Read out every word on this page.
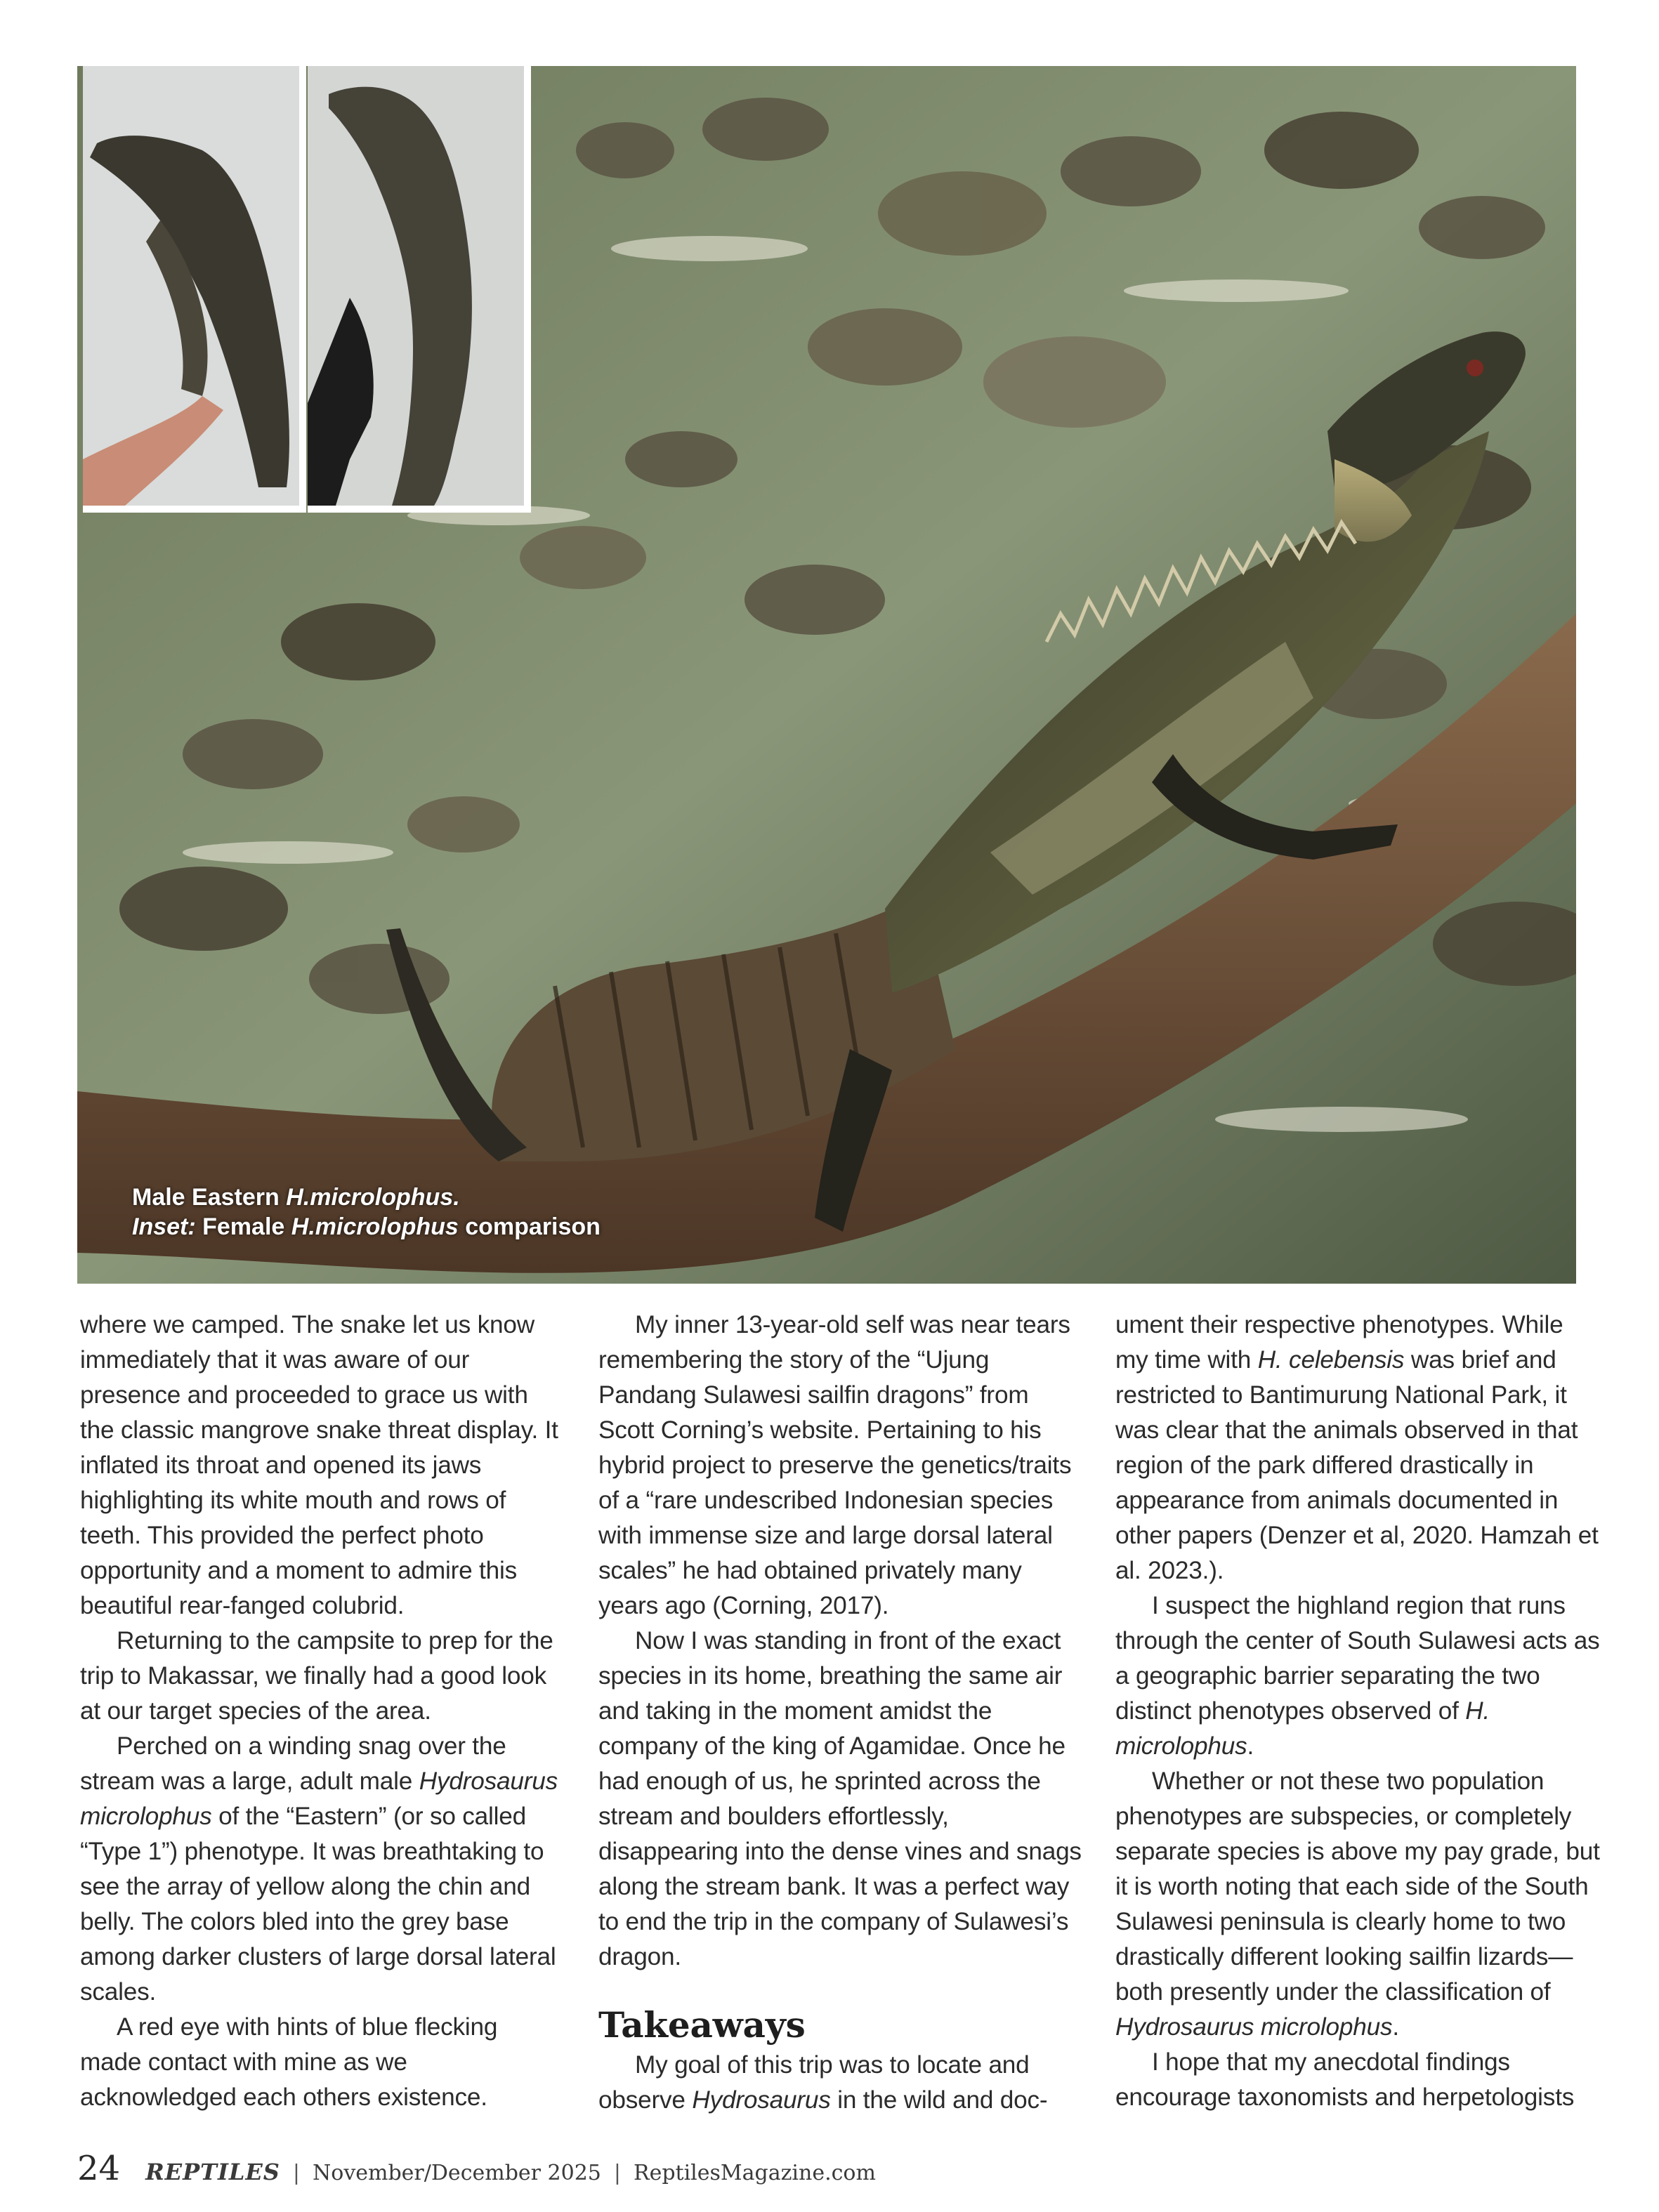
Male Eastern H.microlophus.
Inset: Female H.microlophus comparison

where we camped. The snake let us know immediately that it was aware of our presence and proceeded to grace us with the classic mangrove snake threat display. It inflated its throat and opened its jaws highlighting its white mouth and rows of teeth. This provided the perfect photo opportunity and a moment to admire this beautiful rear-fanged colubrid.

Returning to the campsite to prep for the trip to Makassar, we finally had a good look at our target species of the area.

Perched on a winding snag over the stream was a large, adult male Hydrosaurus microlophus of the “Eastern” (or so called “Type 1”) phenotype. It was breathtaking to see the array of yellow along the chin and belly. The colors bled into the grey base among darker clusters of large dorsal lateral scales.

A red eye with hints of blue flecking made contact with mine as we acknowledged each others existence.

My inner 13-year-old self was near tears remembering the story of the “Ujung Pandang Sulawesi sailfin dragons” from Scott Corning’s website. Pertaining to his hybrid project to preserve the genetics/traits of a “rare undescribed Indonesian species with immense size and large dorsal lateral scales” he had obtained privately many years ago (Corning, 2017).

Now I was standing in front of the exact species in its home, breathing the same air and taking in the moment amidst the company of the king of Agamidae. Once he had enough of us, he sprinted across the stream and boulders effortlessly, disappearing into the dense vines and snags along the stream bank. It was a perfect way to end the trip in the company of Sulawesi’s dragon.

Takeaways

My goal of this trip was to locate and observe Hydrosaurus in the wild and doc-

ument their respective phenotypes. While my time with H. celebensis was brief and restricted to Bantimurung National Park, it was clear that the animals observed in that region of the park differed drastically in appearance from animals documented in other papers (Denzer et al, 2020. Hamzah et al. 2023.).

I suspect the highland region that runs through the center of South Sulawesi acts as a geographic barrier separating the two distinct phenotypes observed of H. microlophus.

Whether or not these two population phenotypes are subspecies, or completely separate species is above my pay grade, but it is worth noting that each side of the South Sulawesi peninsula is clearly home to two drastically different looking sailfin lizards— both presently under the classification of Hydrosaurus microlophus.

I hope that my anecdotal findings encourage taxonomists and herpetologists

24 REPTILES | November/December 2025 | ReptilesMagazine.com
